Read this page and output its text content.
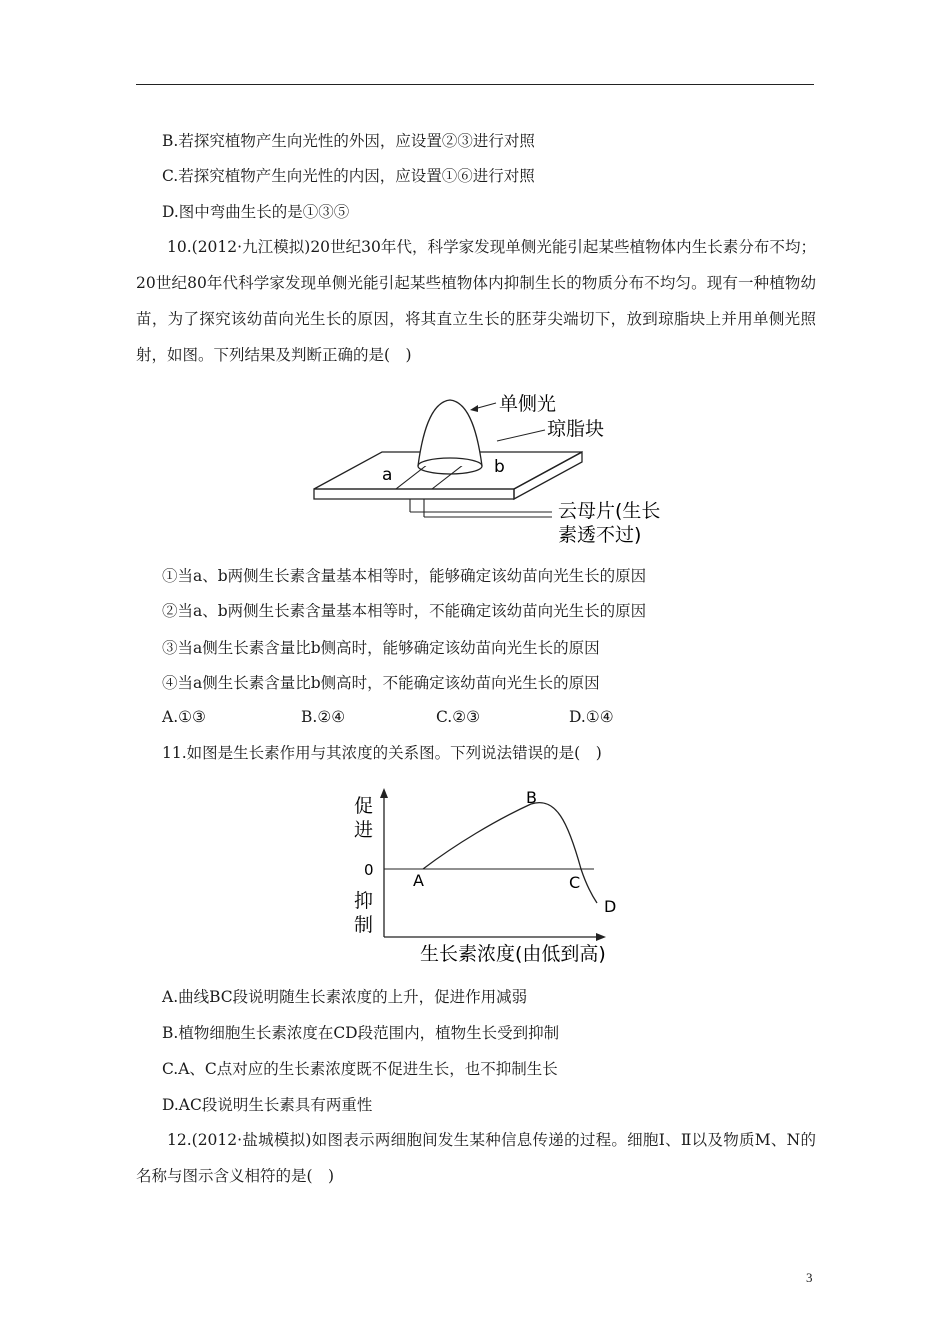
B.若探究植物产生向光性的外因，应设置②③进行对照
C.若探究植物产生向光性的内因，应设置①⑥进行对照
D.图中弯曲生长的是①③⑤
10.(2012·九江模拟)20世纪30年代，科学家发现单侧光能引起某些植物体内生长素分布不均；20世纪80年代科学家发现单侧光能引起某些植物体内抑制生长的物质分布不均匀。现有一种植物幼苗，为了探究该幼苗向光生长的原因，将其直立生长的胚芽尖端切下，放到琼脂块上并用单侧光照射，如图。下列结果及判断正确的是(　)
单侧光
琼脂块
a	b
云母片(生长
素透不过)
①当a、b两侧生长素含量基本相等时，能够确定该幼苗向光生长的原因
②当a、b两侧生长素含量基本相等时，不能确定该幼苗向光生长的原因
③当a侧生长素含量比b侧高时，能够确定该幼苗向光生长的原因
④当a侧生长素含量比b侧高时，不能确定该幼苗向光生长的原因
A.①③	B.②④	C.②③	D.①④
11.如图是生长素作用与其浓度的关系图。下列说法错误的是(　)
促
进
0
抑
制
A
B
C
D
生长素浓度(由低到高)
A.曲线BC段说明随生长素浓度的上升，促进作用减弱
B.植物细胞生长素浓度在CD段范围内，植物生长受到抑制
C.A、C点对应的生长素浓度既不促进生长，也不抑制生长
D.AC段说明生长素具有两重性
12.(2012·盐城模拟)如图表示两细胞间发生某种信息传递的过程。细胞Ⅰ、Ⅱ以及物质M、N的名称与图示含义相符的是(　)
3
